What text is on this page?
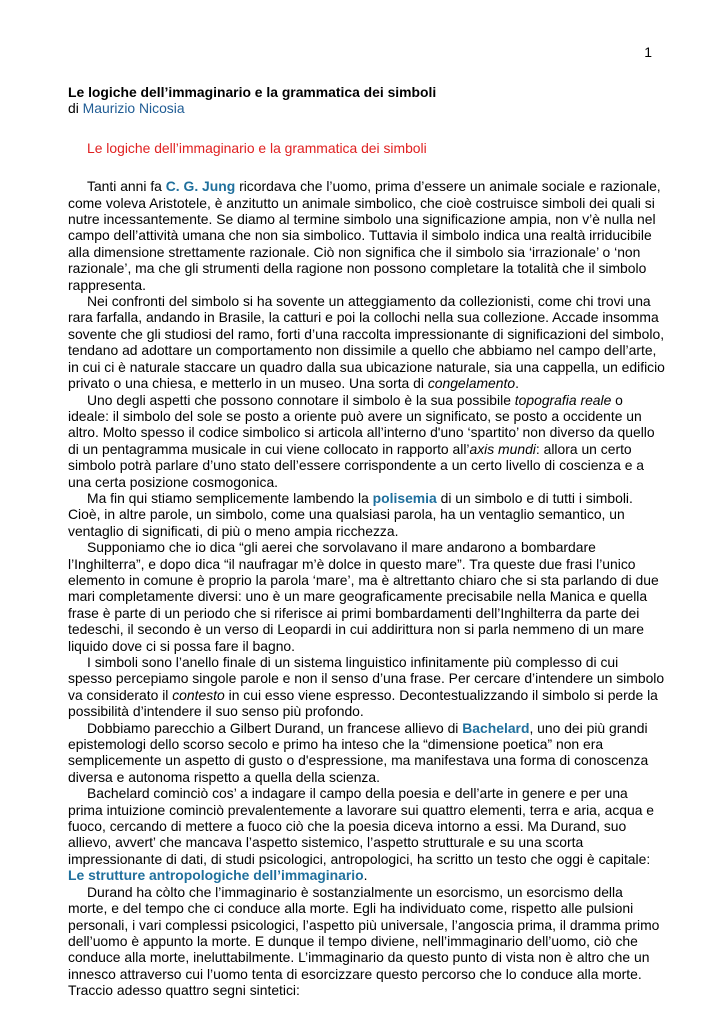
1

Le logiche dell’immaginario e la grammatica dei simboli

di Maurizio Nicosia

Le logiche dell’immaginario e la grammatica dei simboli

Tanti anni fa C. G. Jung ricordava che l’uomo, prima d’essere un animale sociale e razionale, come voleva Aristotele, è anzitutto un animale simbolico, che cioè costruisce simboli dei quali si nutre incessantemente. Se diamo al termine simbolo una significazione ampia, non v’è nulla nel campo dell’attività umana che non sia simbolico. Tuttavia il simbolo indica una realtà irriducibile alla dimensione strettamente razionale. Ciò non significa che il simbolo sia ‘irrazionale’ o ‘non razionale’, ma che gli strumenti della ragione non possono completare la totalità che il simbolo rappresenta.

Nei confronti del simbolo si ha sovente un atteggiamento da collezionisti, come chi trovi una rara farfalla, andando in Brasile, la catturi e poi la collochi nella sua collezione. Accade insomma sovente che gli studiosi del ramo, forti d’una raccolta impressionante di significazioni del simbolo, tendano ad adottare un comportamento non dissimile a quello che abbiamo nel campo dell’arte, in cui ci è naturale staccare un quadro dalla sua ubicazione naturale, sia una cappella, un edificio privato o una chiesa, e metterlo in un museo. Una sorta di congelamento.

Uno degli aspetti che possono connotare il simbolo è la sua possibile topografia reale o ideale: il simbolo del sole se posto a oriente può avere un significato, se posto a occidente un altro. Molto spesso il codice simbolico si articola all’interno d'uno ‘spartito’ non diverso da quello di un pentagramma musicale in cui viene collocato in rapporto all’axis mundi: allora un certo simbolo potrà parlare d’uno stato dell’essere corrispondente a un certo livello di coscienza e a una certa posizione cosmogonica.

Ma fin qui stiamo semplicemente lambendo la polisemia di un simbolo e di tutti i simboli. Cioè, in altre parole, un simbolo, come una qualsiasi parola, ha un ventaglio semantico, un ventaglio di significati, di più o meno ampia ricchezza.

Supponiamo che io dica “gli aerei che sorvolavano il mare andarono a bombardare l’Inghilterra”, e dopo dica “il naufragar m’è dolce in questo mare”. Tra queste due frasi l’unico elemento in comune è proprio la parola ‘mare’, ma è altrettanto chiaro che si sta parlando di due mari completamente diversi: uno è un mare geograficamente precisabile nella Manica e quella frase è parte di un periodo che si riferisce ai primi bombardamenti dell’Inghilterra da parte dei tedeschi, il secondo è un verso di Leopardi in cui addirittura non si parla nemmeno di un mare liquido dove ci si possa fare il bagno.

I simboli sono l’anello finale di un sistema linguistico infinitamente più complesso di cui spesso percepiamo singole parole e non il senso d’una frase. Per cercare d’intendere un simbolo va considerato il contesto in cui esso viene espresso. Decontestualizzando il simbolo si perde la possibilità d’intendere il suo senso più profondo.

Dobbiamo parecchio a Gilbert Durand, un francese allievo di Bachelard, uno dei più grandi epistemologi dello scorso secolo e primo ha inteso che la “dimensione poetica” non era semplicemente un aspetto di gusto o d'espressione, ma manifestava una forma di conoscenza diversa e autonoma rispetto a quella della scienza.

Bachelard cominciò cos’ a indagare il campo della poesia e dell’arte in genere e per una prima intuizione cominciò prevalentemente a lavorare sui quattro elementi, terra e aria, acqua e fuoco, cercando di mettere a fuoco ciò che la poesia diceva intorno a essi. Ma Durand, suo allievo, avvert’ che mancava l’aspetto sistemico, l’aspetto strutturale e su una scorta impressionante di dati, di studi psicologici, antropologici, ha scritto un testo che oggi è capitale: Le strutture antropologiche dell’immaginario.

Durand ha còlto che l’immaginario è sostanzialmente un esorcismo, un esorcismo della morte, e del tempo che ci conduce alla morte. Egli ha individuato come, rispetto alle pulsioni personali, i vari complessi psicologici, l’aspetto più universale, l’angoscia prima, il dramma primo dell’uomo è appunto la morte. E dunque il tempo diviene, nell’immaginario dell’uomo, ciò che conduce alla morte, ineluttabilmente. L’immaginario da questo punto di vista non è altro che un innesco attraverso cui l’uomo tenta di esorcizzare questo percorso che lo conduce alla morte. Traccio adesso quattro segni sintetici:
